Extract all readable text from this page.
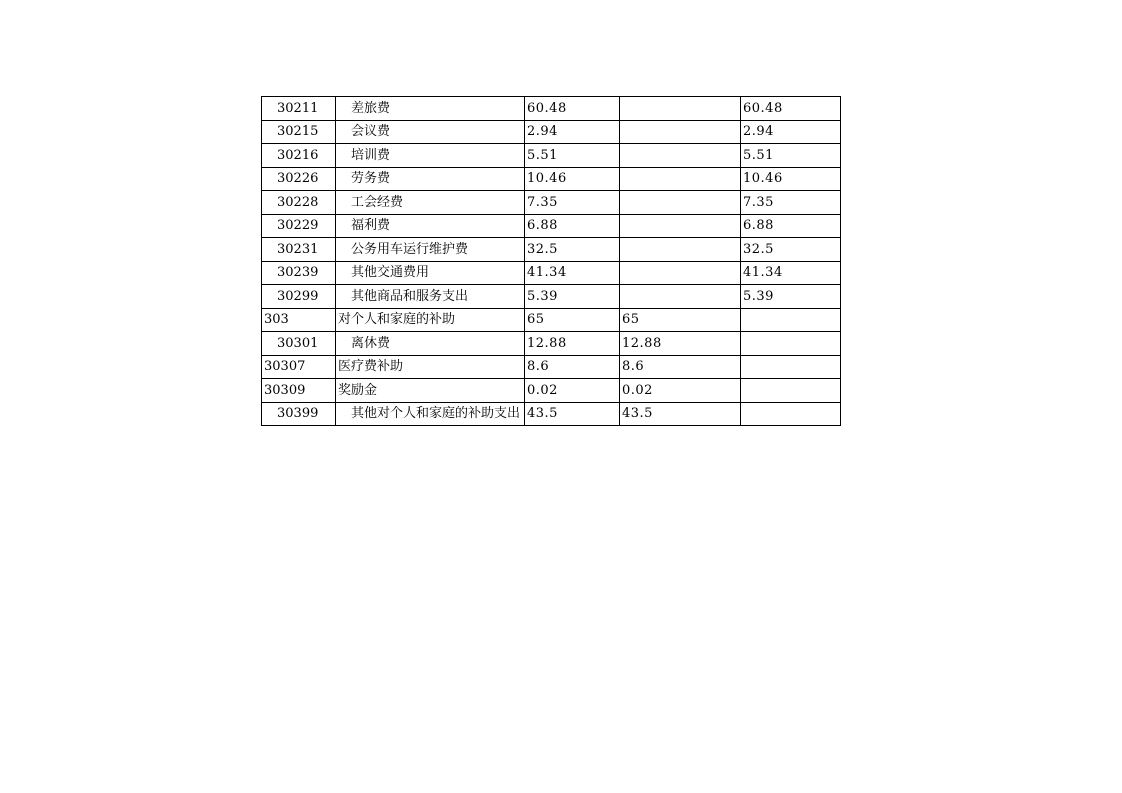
30211	差旅费	60.48		60.48
30215	会议费	2.94		2.94
30216	培训费	5.51		5.51
30226	劳务费	10.46		10.46
30228	工会经费	7.35		7.35
30229	福利费	6.88		6.88
30231	公务用车运行维护费	32.5		32.5
30239	其他交通费用	41.34		41.34
30299	其他商品和服务支出	5.39		5.39
303	对个人和家庭的补助	65	65	
30301	离休费	12.88	12.88	
30307	医疗费补助	8.6	8.6	
30309	奖励金	0.02	0.02	
30399	其他对个人和家庭的补助支出	43.5	43.5	
